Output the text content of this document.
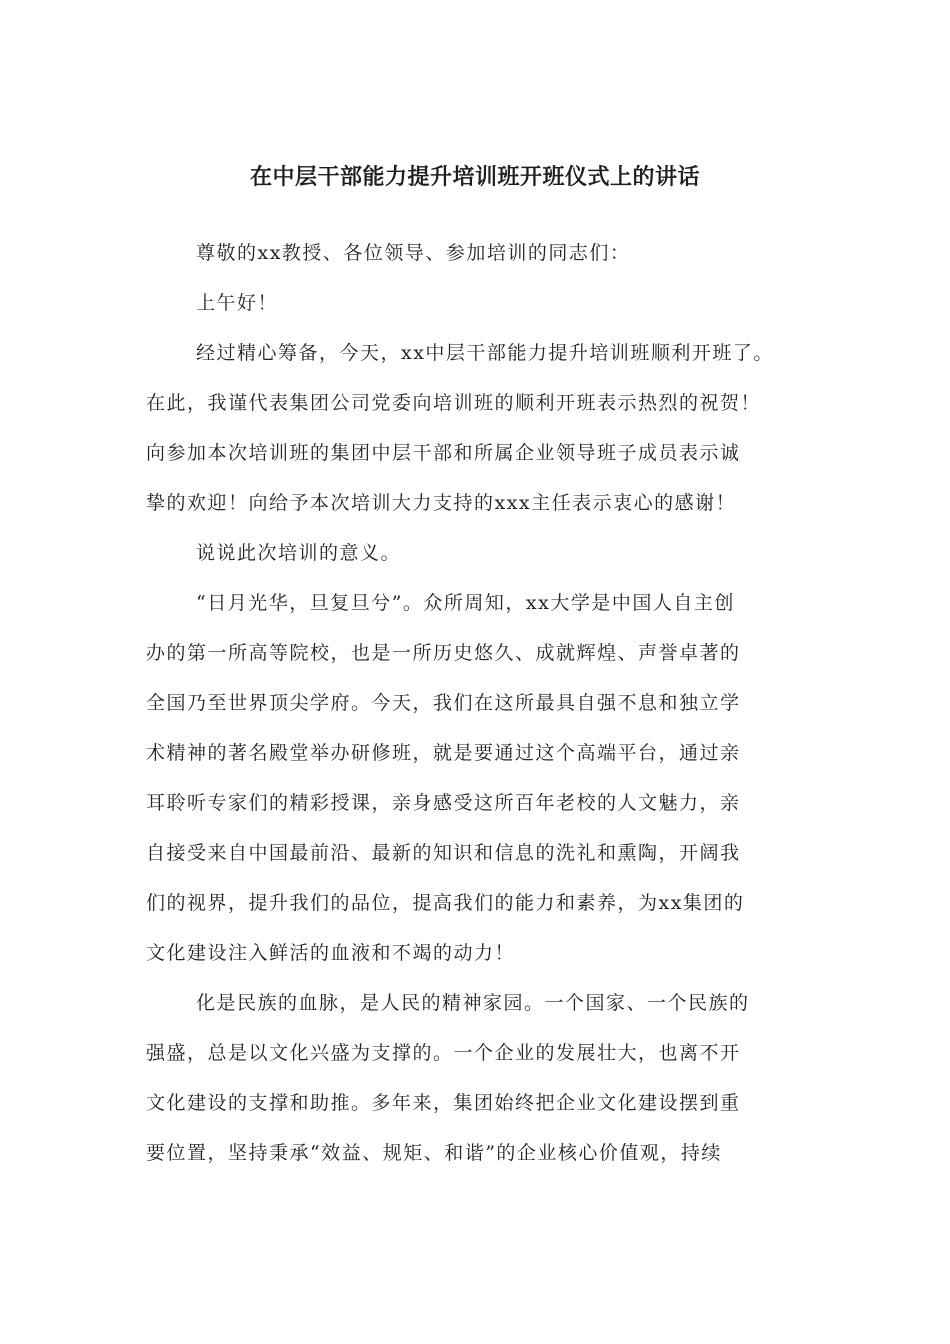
在中层干部能力提升培训班开班仪式上的讲话
尊敬的xx教授、各位领导、参加培训的同志们：
上午好！
经过精心筹备，今天，xx中层干部能力提升培训班顺利开班了。
在此，我谨代表集团公司党委向培训班的顺利开班表示热烈的祝贺！
向参加本次培训班的集团中层干部和所属企业领导班子成员表示诚
挚的欢迎！向给予本次培训大力支持的xxx主任表示衷心的感谢！
说说此次培训的意义。
“日月光华，旦复旦兮”。众所周知，xx大学是中国人自主创
办的第一所高等院校，也是一所历史悠久、成就辉煌、声誉卓著的
全国乃至世界顶尖学府。今天，我们在这所最具自强不息和独立学
术精神的著名殿堂举办研修班，就是要通过这个高端平台，通过亲
耳聆听专家们的精彩授课，亲身感受这所百年老校的人文魅力，亲
自接受来自中国最前沿、最新的知识和信息的洗礼和熏陶，开阔我
们的视界，提升我们的品位，提高我们的能力和素养，为xx集团的
文化建设注入鲜活的血液和不竭的动力！
化是民族的血脉，是人民的精神家园。一个国家、一个民族的
强盛，总是以文化兴盛为支撑的。一个企业的发展壮大，也离不开
文化建设的支撑和助推。多年来，集团始终把企业文化建设摆到重
要位置，坚持秉承“效益、规矩、和谐”的企业核心价值观，持续
